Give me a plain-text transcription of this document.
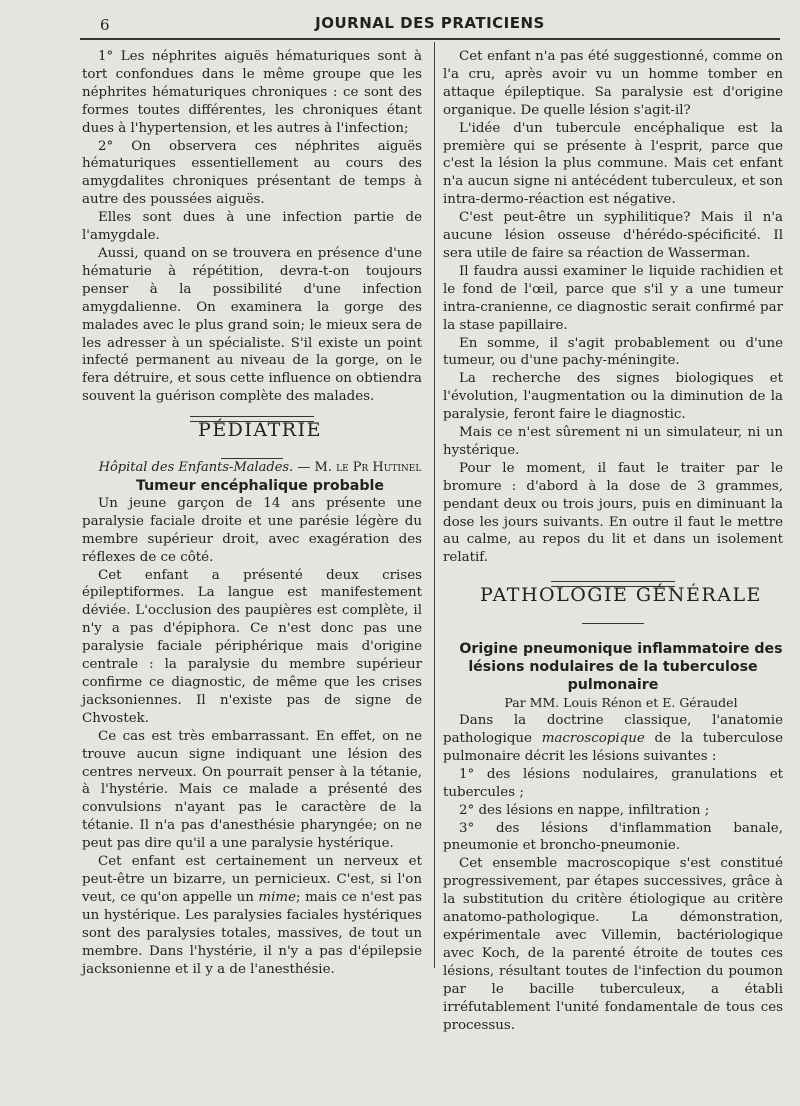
6	JOURNAL DES PRATICIENS

1° Les néphrites aiguës hématuriques sont à tort confondues dans le même groupe que les néphrites hématuriques chroniques : ce sont des formes toutes différentes, les chroniques étant dues à l'hypertension, et les autres à l'infection;

2° On observera ces néphrites aiguës hématuriques essentiellement au cours des amygdalites chroniques présentant de temps à autre des poussées aiguës.

Elles sont dues à une infection partie de l'amygdale.

Aussi, quand on se trouvera en présence d'une hématurie à répétition, devra-t-on toujours penser à la possibilité d'une infection amygdalienne. On examinera la gorge des malades avec le plus grand soin; le mieux sera de les adresser à un spécialiste. S'il existe un point infecté permanent au niveau de la gorge, on le fera détruire, et sous cette influence on obtiendra souvent la guérison complète des malades.

PÉDIATRIE

Hôpital des Enfants-Malades. — M. le Pr Hutinel

Tumeur encéphalique probable

Un jeune garçon de 14 ans présente une paralysie faciale droite et une parésie légère du membre supérieur droit, avec exagération des réflexes de ce côté.

Cet enfant a présenté deux crises épileptiformes. La langue est manifestement déviée. L'occlusion des paupières est complète, il n'y a pas d'épiphora. Ce n'est donc pas une paralysie faciale périphérique mais d'origine centrale : la paralysie du membre supérieur confirme ce diagnostic, de même que les crises jacksoniennes. Il n'existe pas de signe de Chvostek.

Ce cas est très embarrassant. En effet, on ne trouve aucun signe indiquant une lésion des centres nerveux. On pourrait penser à la tétanie, à l'hystérie. Mais ce malade a présenté des convulsions n'ayant pas le caractère de la tétanie. Il n'a pas d'anesthésie pharyngée; on ne peut pas dire qu'il a une paralysie hystérique.

Cet enfant est certainement un nerveux et peut-être un bizarre, un pernicieux. C'est, si l'on veut, ce qu'on appelle un mime; mais ce n'est pas un hystérique. Les paralysies faciales hystériques sont des paralysies totales, massives, de tout un membre. Dans l'hystérie, il n'y a pas d'épilepsie jacksonienne et il y a de l'anesthésie.

Cet enfant n'a pas été suggestionné, comme on l'a cru, après avoir vu un homme tomber en attaque épileptique. Sa paralysie est d'origine organique. De quelle lésion s'agit-il?

L'idée d'un tubercule encéphalique est la première qui se présente à l'esprit, parce que c'est la lésion la plus commune. Mais cet enfant n'a aucun signe ni antécédent tuberculeux, et son intra-dermo-réaction est négative.

C'est peut-être un syphilitique? Mais il n'a aucune lésion osseuse d'hérédo-spécificité. Il sera utile de faire sa réaction de Wasserman.

Il faudra aussi examiner le liquide rachidien et le fond de l'œil, parce que s'il y a une tumeur intra-cranienne, ce diagnostic serait confirmé par la stase papillaire.

En somme, il s'agit probablement ou d'une tumeur, ou d'une pachy-méningite.

La recherche des signes biologiques et l'évolution, l'augmentation ou la diminution de la paralysie, feront faire le diagnostic.

Mais ce n'est sûrement ni un simulateur, ni un hystérique.

Pour le moment, il faut le traiter par le bromure : d'abord à la dose de 3 grammes, pendant deux ou trois jours, puis en diminuant la dose les jours suivants. En outre il faut le mettre au calme, au repos du lit et dans un isolement relatif.

PATHOLOGIE GÉNÉRALE

Origine pneumonique inflammatoire des lésions nodulaires de la tuberculose pulmonaire

Par MM. Louis Rénon et E. Géraudel

Dans la doctrine classique, l'anatomie pathologique macroscopique de la tuberculose pulmonaire décrit les lésions suivantes :

1° des lésions nodulaires, granulations et tubercules ;

2° des lésions en nappe, infiltration ;

3° des lésions d'inflammation banale, pneumonie et broncho-pneumonie.

Cet ensemble macroscopique s'est constitué progressivement, par étapes successives, grâce à la substitution du critère étiologique au critère anatomo-pathologique. La démonstration, expérimentale avec Villemin, bactériologique avec Koch, de la parenté étroite de toutes ces lésions, résultant toutes de l'infection du poumon par le bacille tuberculeux, a établi irréfutablement l'unité fondamentale de tous ces processus.
